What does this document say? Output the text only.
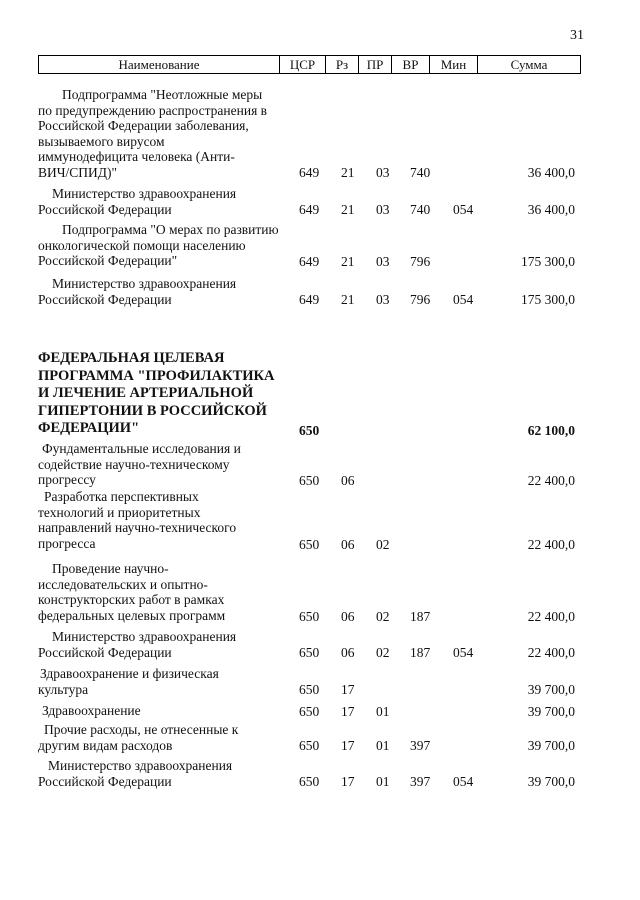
31
Наименование	ЦСР	Рз	ПР	ВР	Мин	Сумма
Подпрограмма "Неотложные меры
по предупреждению распространения в
Российской Федерации заболевания,
вызываемого вирусом
иммунодефицита человека (Анти-
ВИЧ/СПИД)"	649 21 03 740	36 400,0
Министерство здравоохранения
Российской Федерации	649 21 03 740 054	36 400,0
Подпрограмма "О мерах по развитию
онкологической помощи населению
Российской Федерации"	649 21 03 796	175 300,0
Министерство здравоохранения
Российской Федерации	649 21 03 796 054	175 300,0
ФЕДЕРАЛЬНАЯ ЦЕЛЕВАЯ
ПРОГРАММА "ПРОФИЛАКТИКА
И ЛЕЧЕНИЕ АРТЕРИАЛЬНОЙ
ГИПЕРТОНИИ В РОССИЙСКОЙ
ФЕДЕРАЦИИ"	650	62 100,0
Фундаментальные исследования и
содействие научно-техническому
прогрессу	650 06	22 400,0
Разработка перспективных
технологий и приоритетных
направлений научно-технического
прогресса	650 06 02	22 400,0
Проведение научно-
исследовательских и опытно-
конструкторских работ в рамках
федеральных целевых программ	650 06 02 187	22 400,0
Министерство здравоохранения
Российской Федерации	650 06 02 187 054	22 400,0
Здравоохранение и физическая
культура	650 17	39 700,0
Здравоохранение	650 17 01	39 700,0
Прочие расходы, не отнесенные к
другим видам расходов	650 17 01 397	39 700,0
Министерство здравоохранения
Российской Федерации	650 17 01 397 054	39 700,0
